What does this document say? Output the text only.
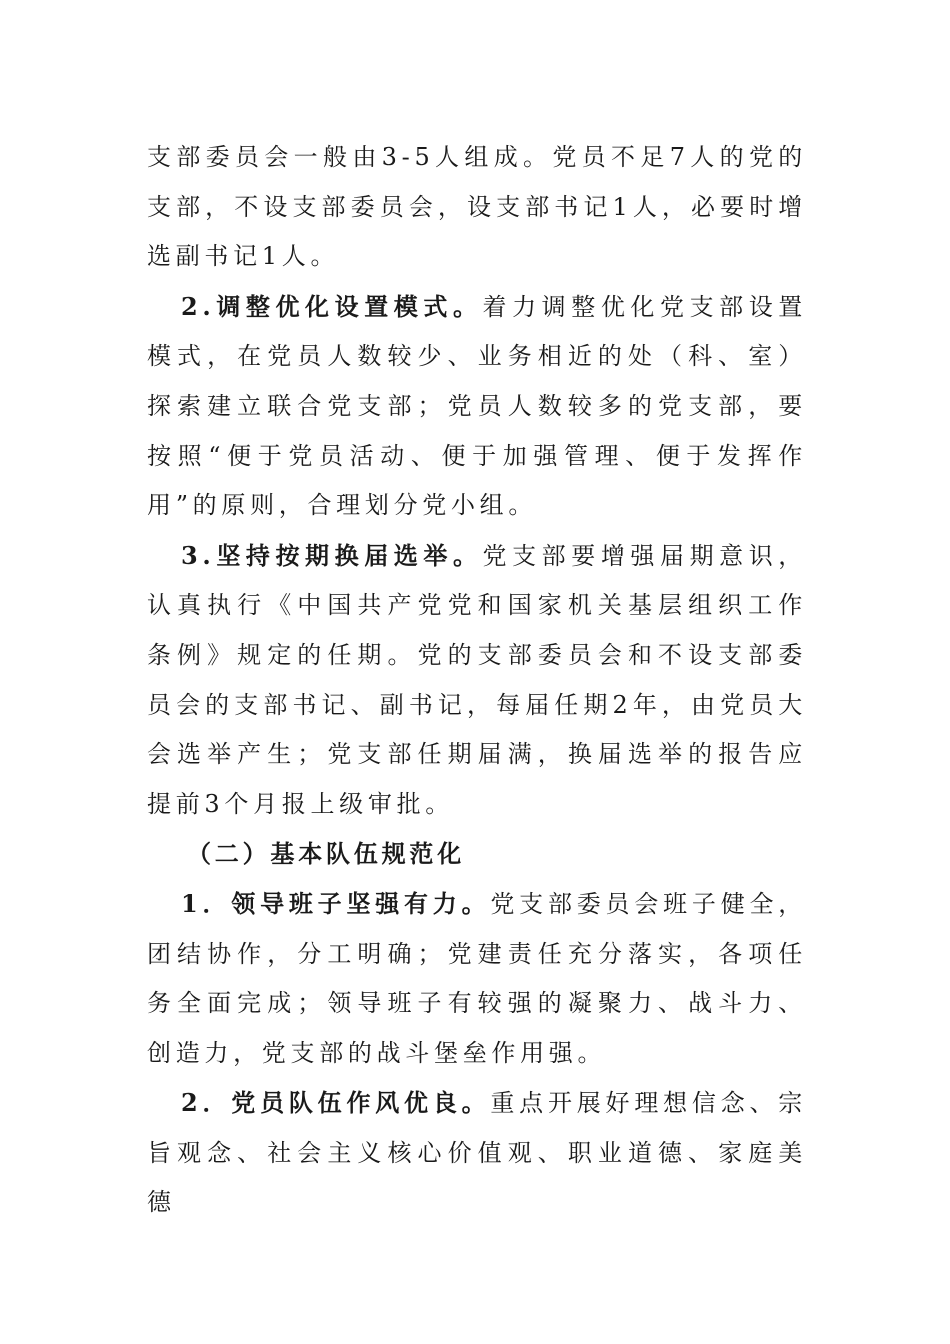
支部委员会一般由3-5人组成。党员不足7人的党的支部，不设支部委员会，设支部书记1人，必要时增选副书记1人。

2.调整优化设置模式。着力调整优化党支部设置模式，在党员人数较少、业务相近的处（科、室）探索建立联合党支部；党员人数较多的党支部，要按照“便于党员活动、便于加强管理、便于发挥作用”的原则，合理划分党小组。

3.坚持按期换届选举。党支部要增强届期意识，认真执行《中国共产党党和国家机关基层组织工作条例》规定的任期。党的支部委员会和不设支部委员会的支部书记、副书记，每届任期2年，由党员大会选举产生；党支部任期届满，换届选举的报告应提前3个月报上级审批。

（二）基本队伍规范化

1．领导班子坚强有力。党支部委员会班子健全，团结协作，分工明确；党建责任充分落实，各项任务全面完成；领导班子有较强的凝聚力、战斗力、创造力，党支部的战斗堡垒作用强。

2．党员队伍作风优良。重点开展好理想信念、宗旨观念、社会主义核心价值观、职业道德、家庭美德
